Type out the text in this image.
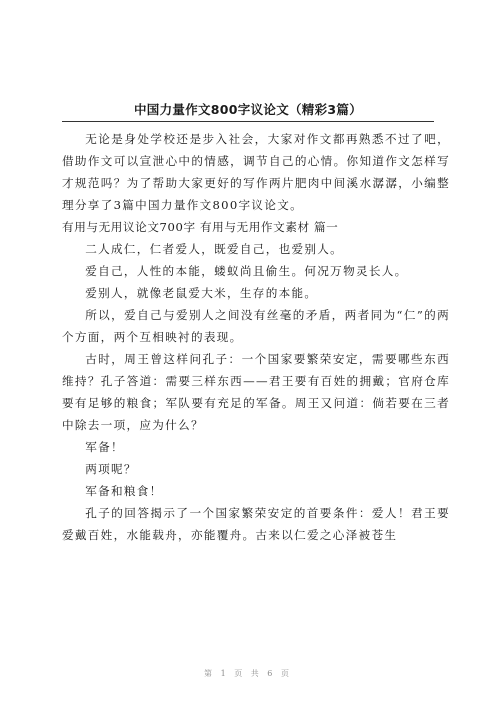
中国力量作文800字议论文（精彩3篇）

无论是身处学校还是步入社会，大家对作文都再熟悉不过了吧，借助作文可以宣泄心中的情感，调节自己的心情。你知道作文怎样写才规范吗？为了帮助大家更好的写作两片肥肉中间溪水潺潺，小编整理分享了3篇中国力量作文800字议论文。

有用与无用议论文700字 有用与无用作文素材 篇一

二人成仁，仁者爱人，既爱自己，也爱别人。

爱自己，人性的本能，蝼蚁尚且偷生。何况万物灵长人。

爱别人，就像老鼠爱大米，生存的本能。

所以，爱自己与爱别人之间没有丝毫的矛盾，两者同为“仁”的两个方面，两个互相映衬的表现。

古时，周王曾这样问孔子：一个国家要繁荣安定，需要哪些东西维持？孔子答道：需要三样东西——君王要有百姓的拥戴；官府仓库要有足够的粮食；军队要有充足的军备。周王又问道：倘若要在三者中除去一项，应为什么？

军备！

两项呢？

军备和粮食！

孔子的回答揭示了一个国家繁荣安定的首要条件：爱人！君王要爱戴百姓，水能载舟，亦能覆舟。古来以仁爱之心泽被苍生

第 1 页 共 6 页
